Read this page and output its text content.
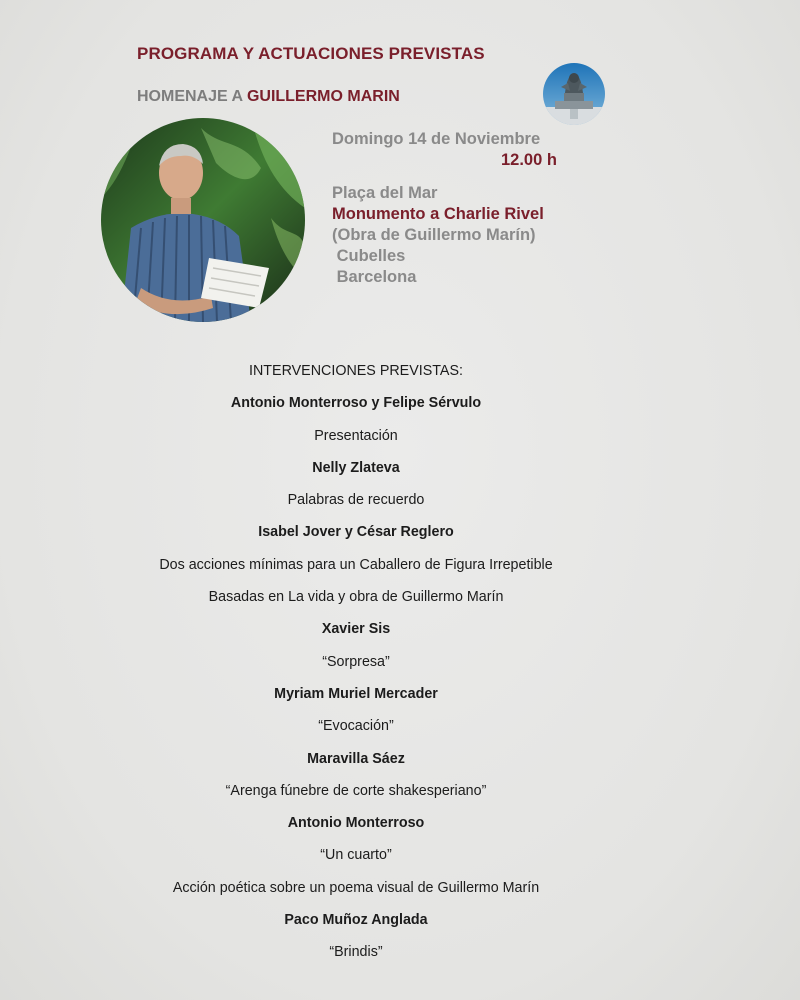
PROGRAMA Y ACTUACIONES PREVISTAS
HOMENAJE A GUILLERMO MARIN
Domingo 14 de Noviembre
12.00 h
Plaça del Mar
Monumento a Charlie Rivel
(Obra de Guillermo Marín)
Cubelles
Barcelona
INTERVENCIONES PREVISTAS:
Antonio Monterroso y Felipe Sérvulo
Presentación
Nelly Zlateva
Palabras de recuerdo
Isabel Jover y César Reglero
Dos acciones mínimas para un Caballero de Figura Irrepetible
Basadas en La vida y obra de Guillermo Marín
Xavier Sis
“Sorpresa”
Myriam Muriel Mercader
“Evocación”
Maravilla Sáez
“Arenga fúnebre de corte shakesperiano”
Antonio Monterroso
“Un cuarto”
Acción poética sobre un poema visual de Guillermo Marín
Paco Muñoz Anglada
“Brindis”
